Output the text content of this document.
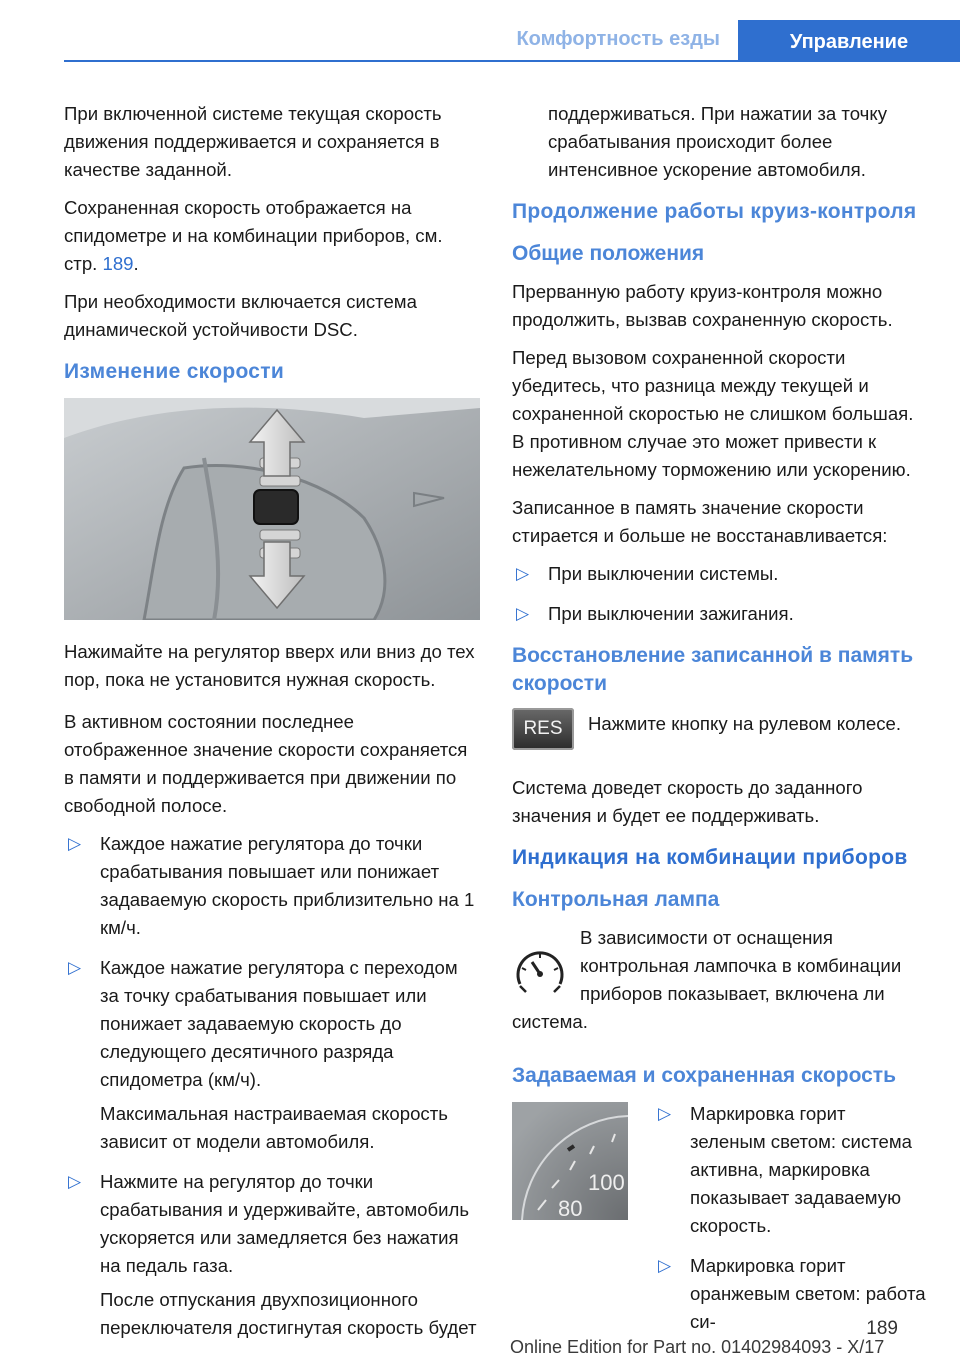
Комфортность езды	Управление

При включенной системе текущая скорость движения поддерживается и сохраняется в качестве заданной.

Сохраненная скорость отображается на спидометре и на комбинации приборов, см. стр. 189.

При необходимости включается система динамической устойчивости DSC.

Изменение скорости

Нажимайте на регулятор вверх или вниз до тех пор, пока не установится нужная скорость.

В активном состоянии последнее отображенное значение скорости сохраняется в памяти и поддерживается при движении по свободной полосе.

▷ Каждое нажатие регулятора до точки срабатывания повышает или понижает задаваемую скорость приблизительно на 1 км/ч.
▷ Каждое нажатие регулятора с переходом за точку срабатывания повышает или понижает задаваемую скорость до следующего десятичного разряда спидометра (км/ч).
Максимальная настраиваемая скорость зависит от модели автомобиля.
▷ Нажмите на регулятор до точки срабатывания и удерживайте, автомобиль ускоряется или замедляется без нажатия на педаль газа.
После отпускания двухпозиционного переключателя достигнутая скорость будет

поддерживаться. При нажатии за точку срабатывания происходит более интенсивное ускорение автомобиля.

Продолжение работы круиз-контроля
Общие положения

Прерванную работу круиз-контроля можно продолжить, вызвав сохраненную скорость.

Перед вызовом сохраненной скорости убедитесь, что разница между текущей и сохраненной скоростью не слишком большая. В противном случае это может привести к нежелательному торможению или ускорению.

Записанное в память значение скорости стирается и больше не восстанавливается:

▷ При выключении системы.
▷ При выключении зажигания.
Восстановление записанной в память скорости
RES	Нажмите кнопку на рулевом колесе.

Система доведет скорость до заданного значения и будет ее поддерживать.

Индикация на комбинации приборов
Контрольная лампа

В зависимости от оснащения контрольная лампочка в комбинации приборов показывает, включена ли система.

Задаваемая и сохраненная скорость
100
80
▷ Маркировка горит зеленым светом: система активна, маркировка показывает задаваемую скорость.
▷ Маркировка горит оранжевым светом: работа си-	189
Online Edition for Part no. 01402984093 - X/17
